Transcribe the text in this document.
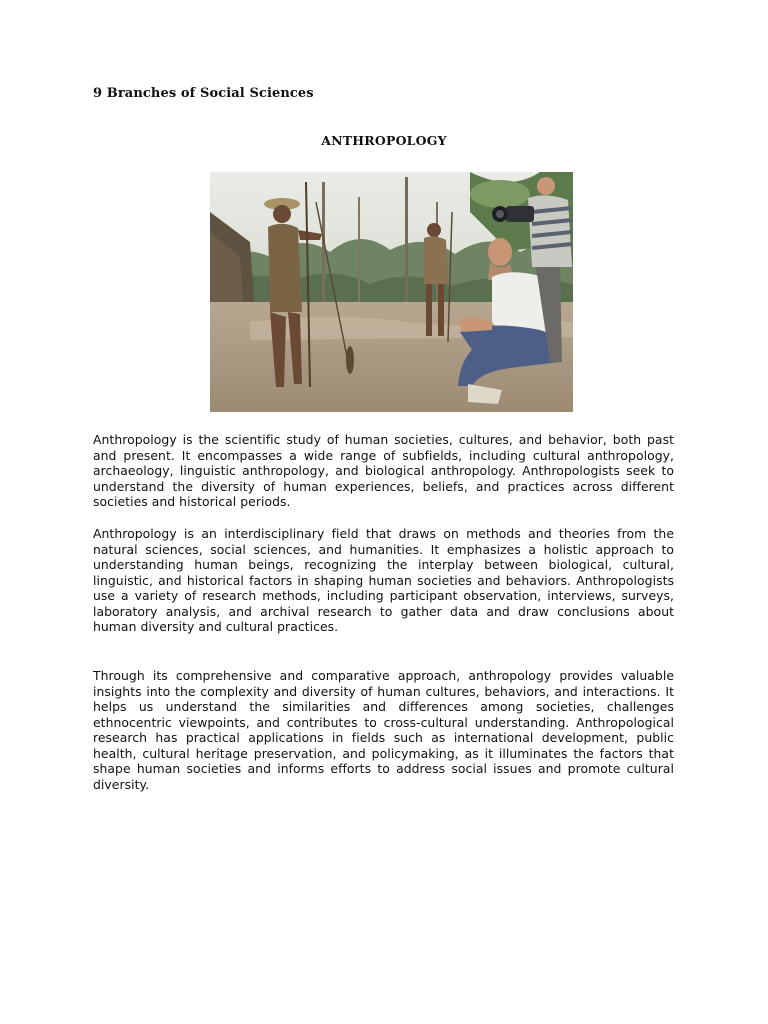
9 Branches of Social Sciences
ANTHROPOLOGY

Anthropology is the scientific study of human societies, cultures, and behavior, both past and present. It encompasses a wide range of subfields, including cultural anthropology, archaeology, linguistic anthropology, and biological anthropology. Anthropologists seek to understand the diversity of human experiences, beliefs, and practices across different societies and historical periods.

Anthropology is an interdisciplinary field that draws on methods and theories from the natural sciences, social sciences, and humanities. It emphasizes a holistic approach to understanding human beings, recognizing the interplay between biological, cultural, linguistic, and historical factors in shaping human societies and behaviors. Anthropologists use a variety of research methods, including participant observation, interviews, surveys, laboratory analysis, and archival research to gather data and draw conclusions about human diversity and cultural practices.

Through its comprehensive and comparative approach, anthropology provides valuable insights into the complexity and diversity of human cultures, behaviors, and interactions. It helps us understand the similarities and differences among societies, challenges ethnocentric viewpoints, and contributes to cross-cultural understanding. Anthropological research has practical applications in fields such as international development, public health, cultural heritage preservation, and policymaking, as it illuminates the factors that shape human societies and informs efforts to address social issues and promote cultural diversity.
